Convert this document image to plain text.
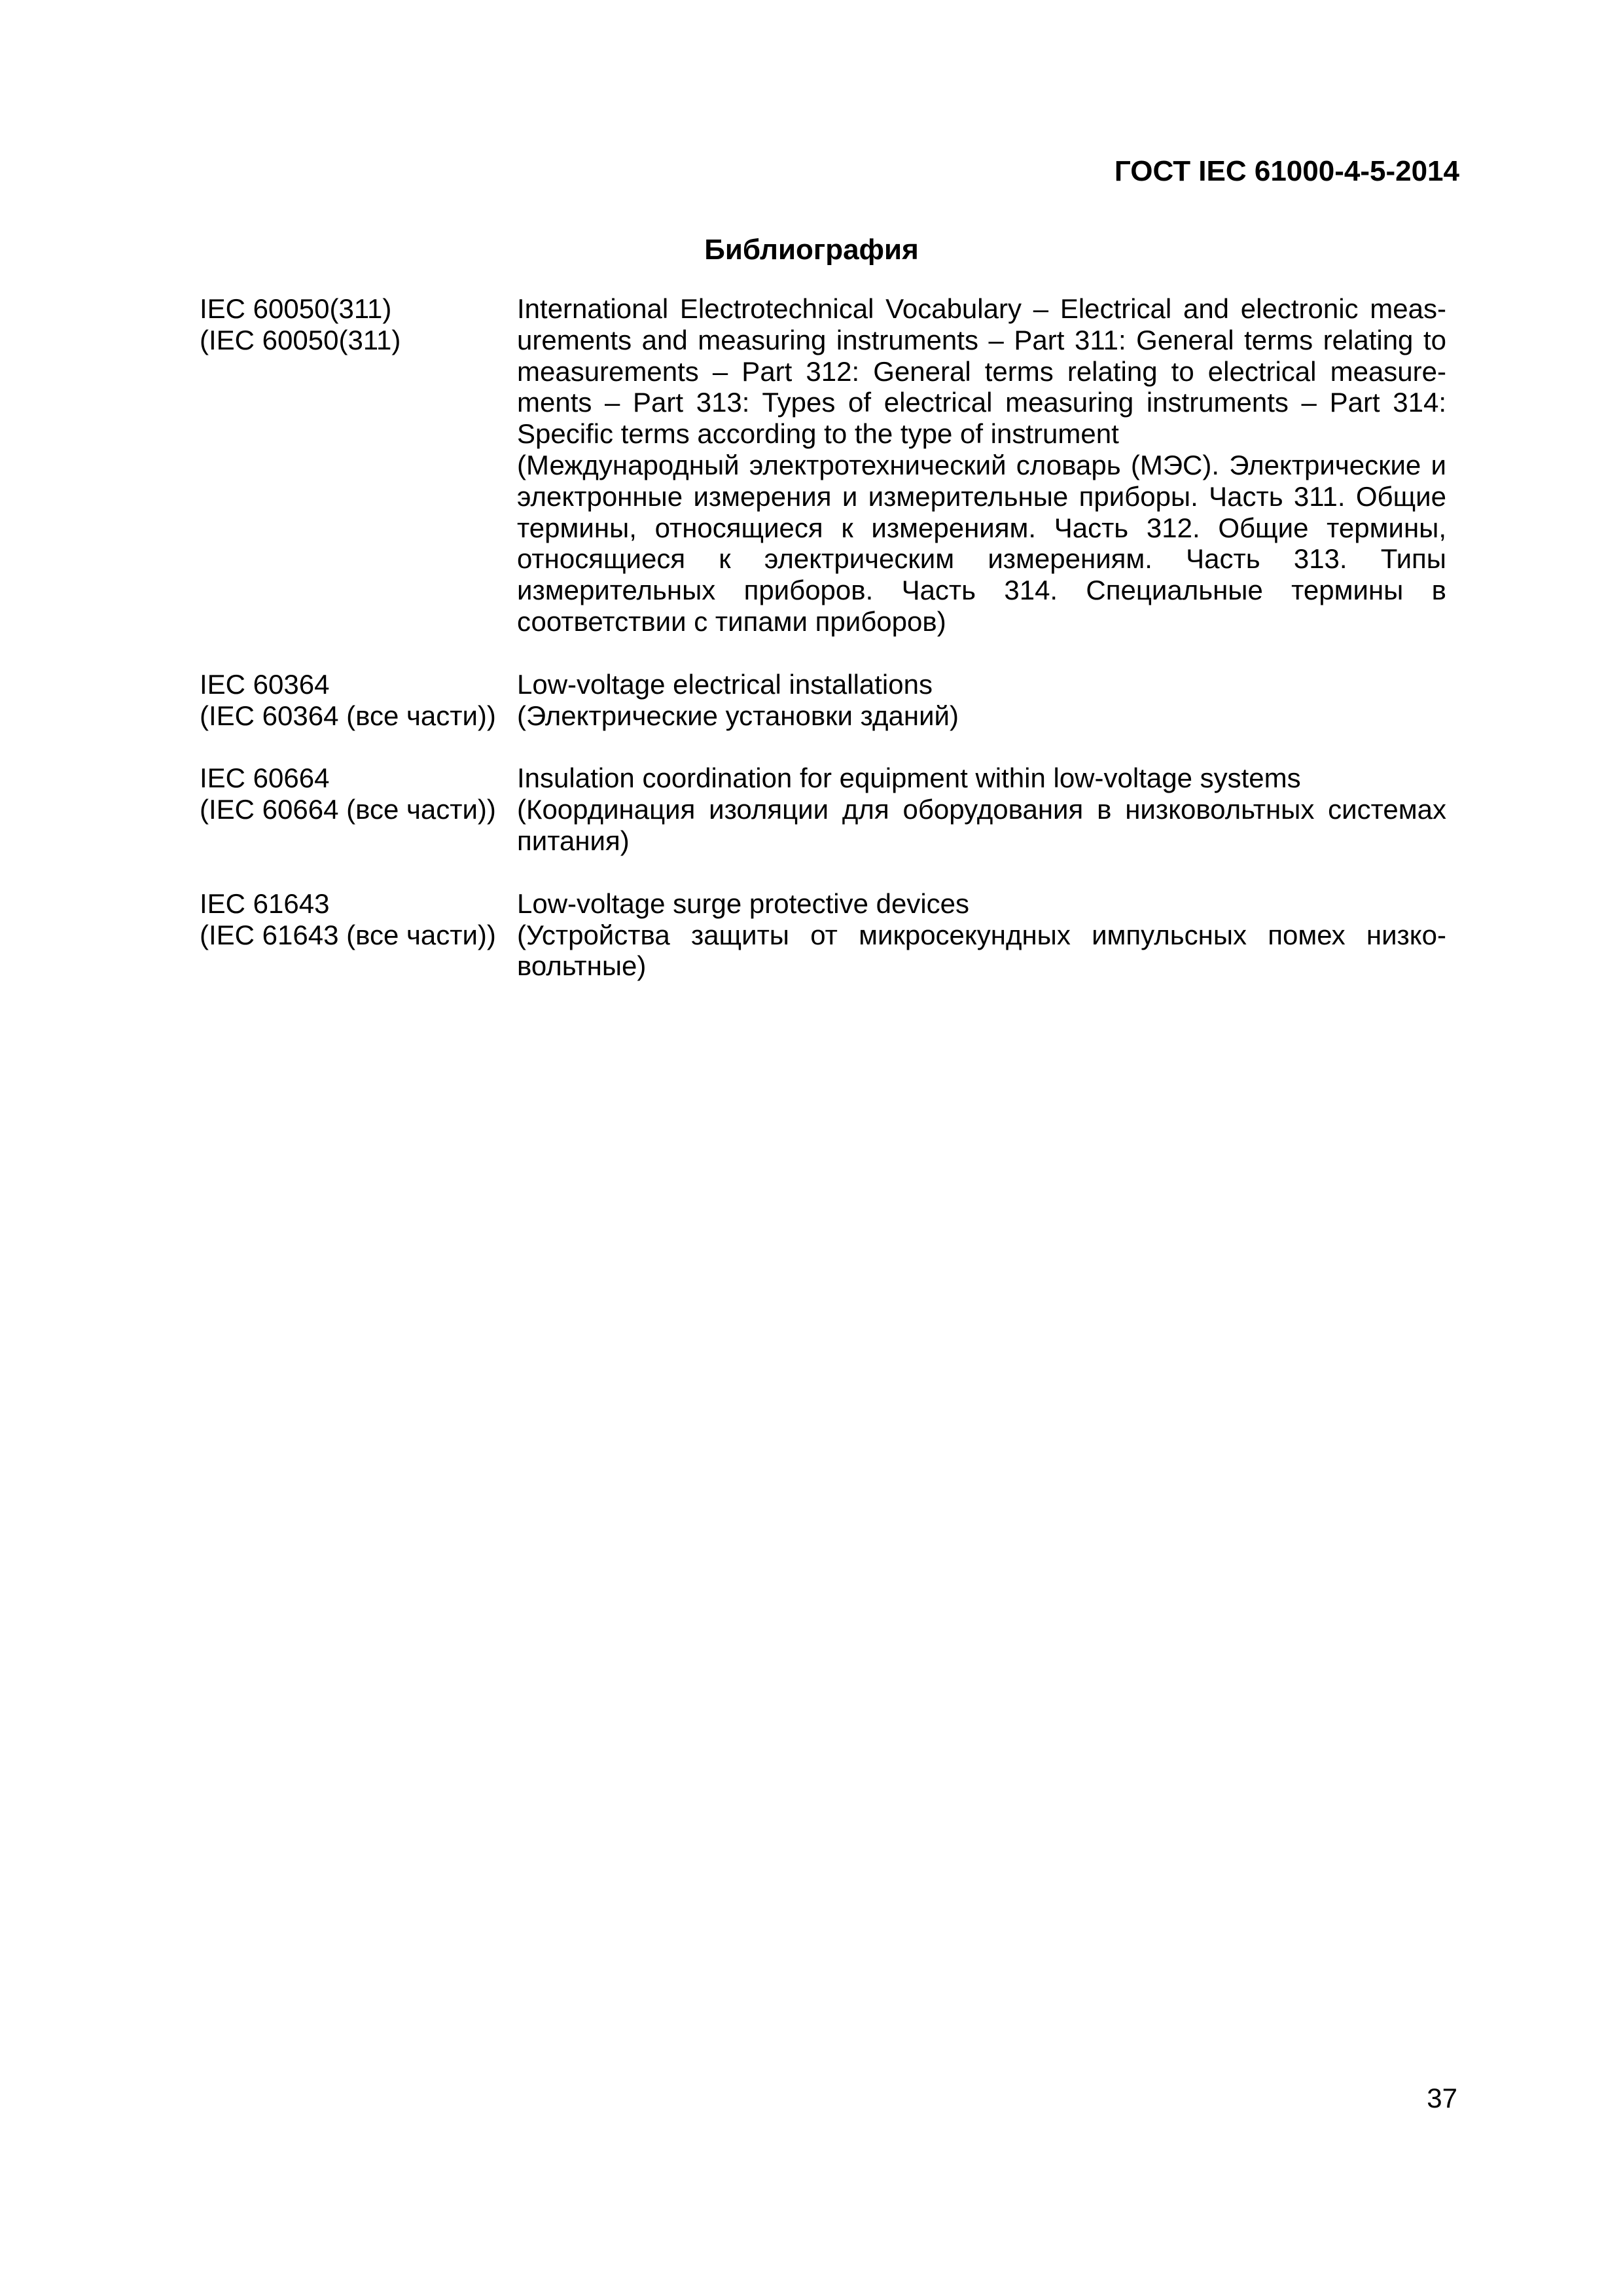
ГОСТ IEC 61000-4-5-2014
Библиография
IEC 60050(311)
(IEC 60050(311)
International Electrotechnical Vocabulary – Electrical and electronic measurements and measuring instruments – Part 311: General terms relating to measurements – Part 312: General terms relating to electrical measurements – Part 313: Types of electrical measuring instruments – Part 314: Specific terms according to the type of instrument
(Международный электротехнический словарь (МЭС). Электрические и электронные измерения и измерительные приборы. Часть 311. Общие термины, относящиеся к измерениям. Часть 312. Общие термины, относящиеся к электрическим измерениям. Часть 313. Типы измерительных приборов. Часть 314. Специальные термины в соответствии с типами приборов)
IEC 60364
(IEC 60364 (все части))
Low-voltage electrical installations
(Электрические установки зданий)
IEC 60664
(IEC 60664 (все части))
Insulation coordination for equipment within low-voltage systems
(Координация изоляции для оборудования в низковольтных системах питания)
IEC 61643
(IEC 61643 (все части))
Low-voltage surge protective devices
(Устройства защиты от микросекундных импульсных помех низковольтные)
37
